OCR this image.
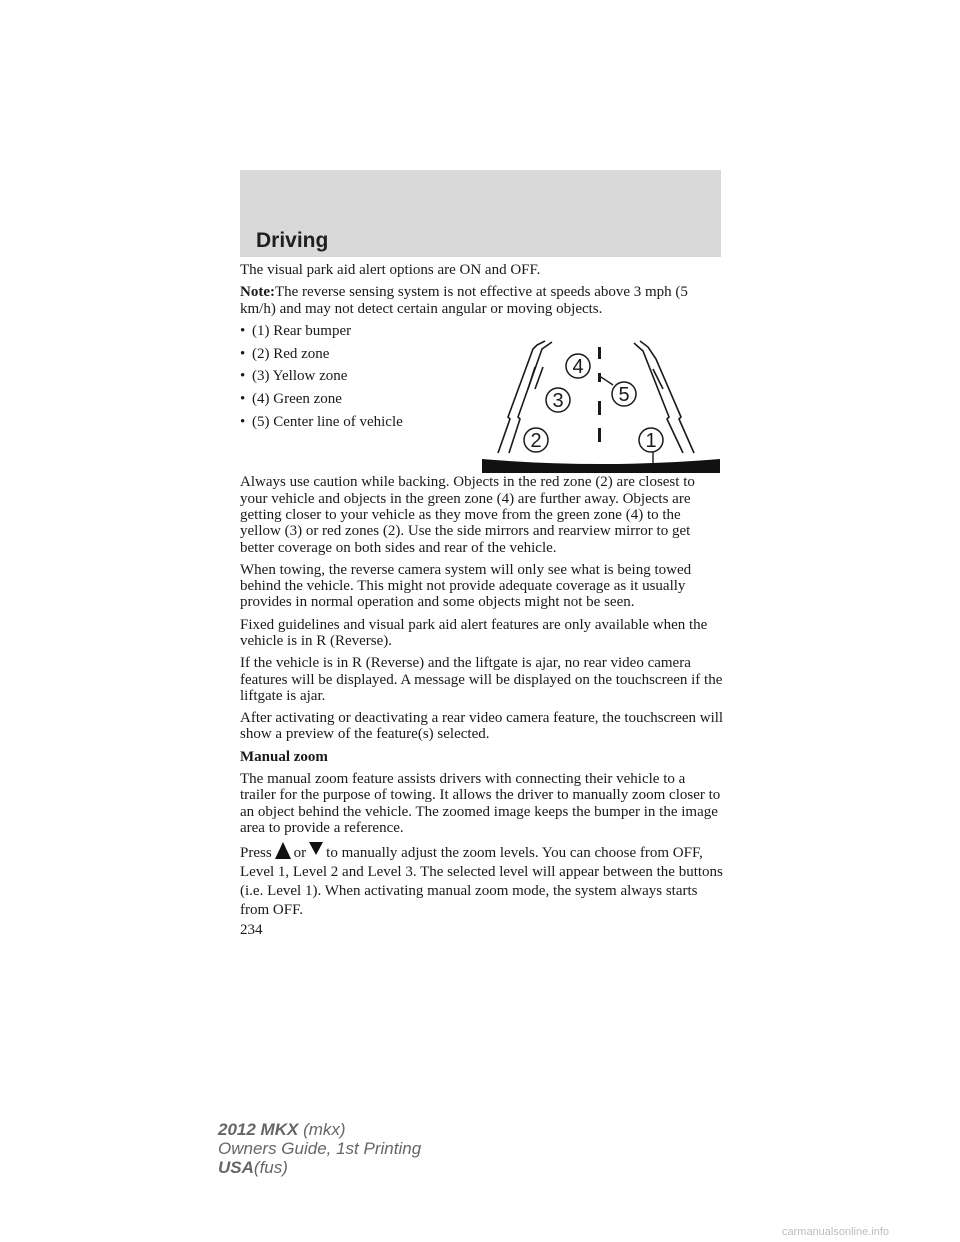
Driving

The visual park aid alert options are ON and OFF.

Note:The reverse sensing system is not effective at speeds above 3 mph (5 km/h) and may not detect certain angular or moving objects.

• (1) Rear bumper
• (2) Red zone
• (3) Yellow zone
• (4) Green zone
• (5) Center line of vehicle

Always use caution while backing. Objects in the red zone (2) are closest to your vehicle and objects in the green zone (4) are further away. Objects are getting closer to your vehicle as they move from the green zone (4) to the yellow (3) or red zones (2). Use the side mirrors and rearview mirror to get better coverage on both sides and rear of the vehicle.

When towing, the reverse camera system will only see what is being towed behind the vehicle. This might not provide adequate coverage as it usually provides in normal operation and some objects might not be seen.

Fixed guidelines and visual park aid alert features are only available when the vehicle is in R (Reverse).

If the vehicle is in R (Reverse) and the liftgate is ajar, no rear video camera features will be displayed. A message will be displayed on the touchscreen if the liftgate is ajar.

After activating or deactivating a rear video camera feature, the touchscreen will show a preview of the feature(s) selected.

Manual zoom

The manual zoom feature assists drivers with connecting their vehicle to a trailer for the purpose of towing. It allows the driver to manually zoom closer to an object behind the vehicle. The zoomed image keeps the bumper in the image area to provide a reference.

Press or to manually adjust the zoom levels. You can choose from OFF, Level 1, Level 2 and Level 3. The selected level will appear between the buttons (i.e. Level 1). When activating manual zoom mode, the system always starts from OFF.

234
4
3	5
2	1
2012 MKX (mkx)
Owners Guide, 1st Printing
USA(fus)
carmanualsonline.info
